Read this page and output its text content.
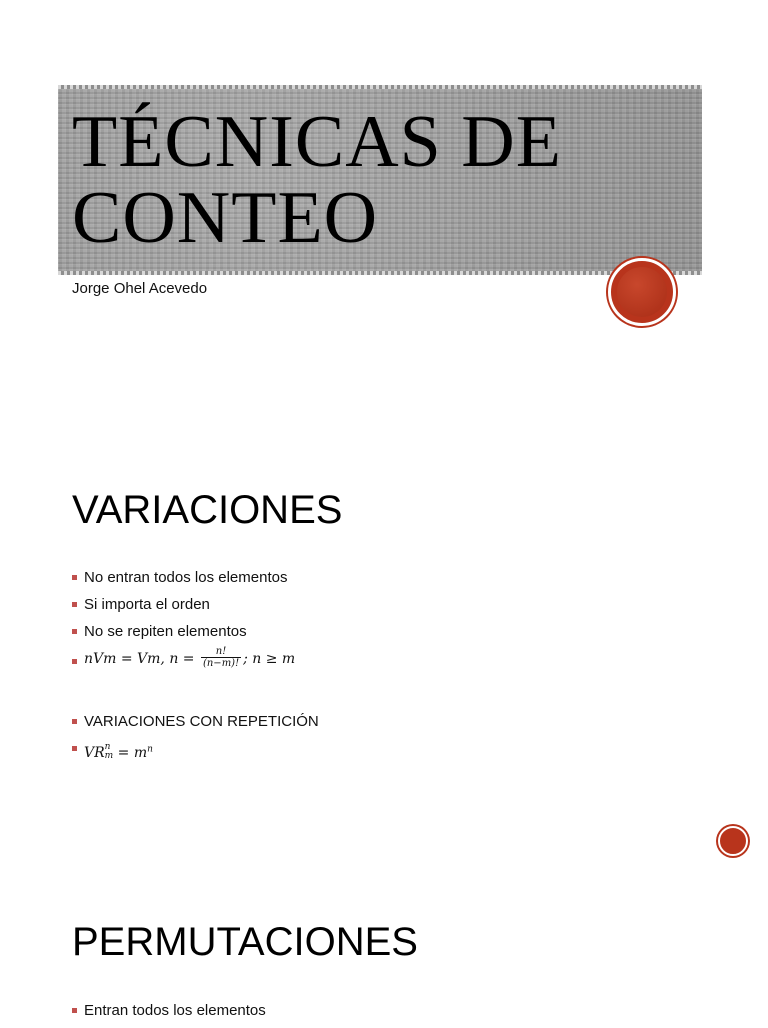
TÉCNICAS DE
CONTEO
Jorge Ohel Acevedo
VARIACIONES
No entran todos los elementos
Si importa el orden
No se repiten elementos
nVm = Vm, $n = \frac{n!}{(n-m)!}$ ; n ≥ m
VARIACIONES CON REPETICIÓN
VR n
$m = m^n$
PERMUTACIONES
Entran todos los elementos
